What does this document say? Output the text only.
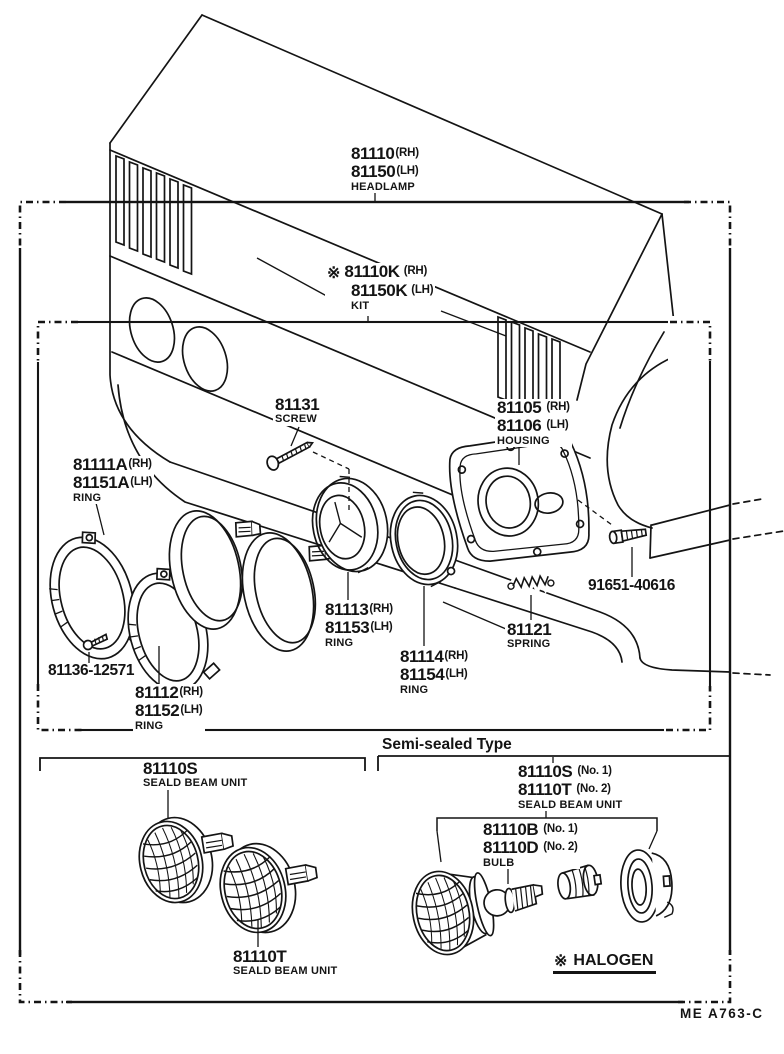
81110(RH)
81150(LH)
HEADLAMP
※ 81110K (RH)
81150K (LH)
KIT
81131
SCREW
81105 (RH)
81106 (LH)
HOUSING
81111A(RH)
81151A(LH)
RING
81113(RH)
81153(LH)
RING
81114(RH)
81154(LH)
RING
81121
SPRING
91651-40616
81136-12571
81112(RH)
81152(LH)
RING
Semi-sealed Type
81110S
SEALD BEAM UNIT
81110S (No. 1)
81110T (No. 2)
SEALD BEAM UNIT
81110B (No. 1)
81110D (No. 2)
BULB
81110T
SEALD BEAM UNIT
※ HALOGEN
ME A763-C
